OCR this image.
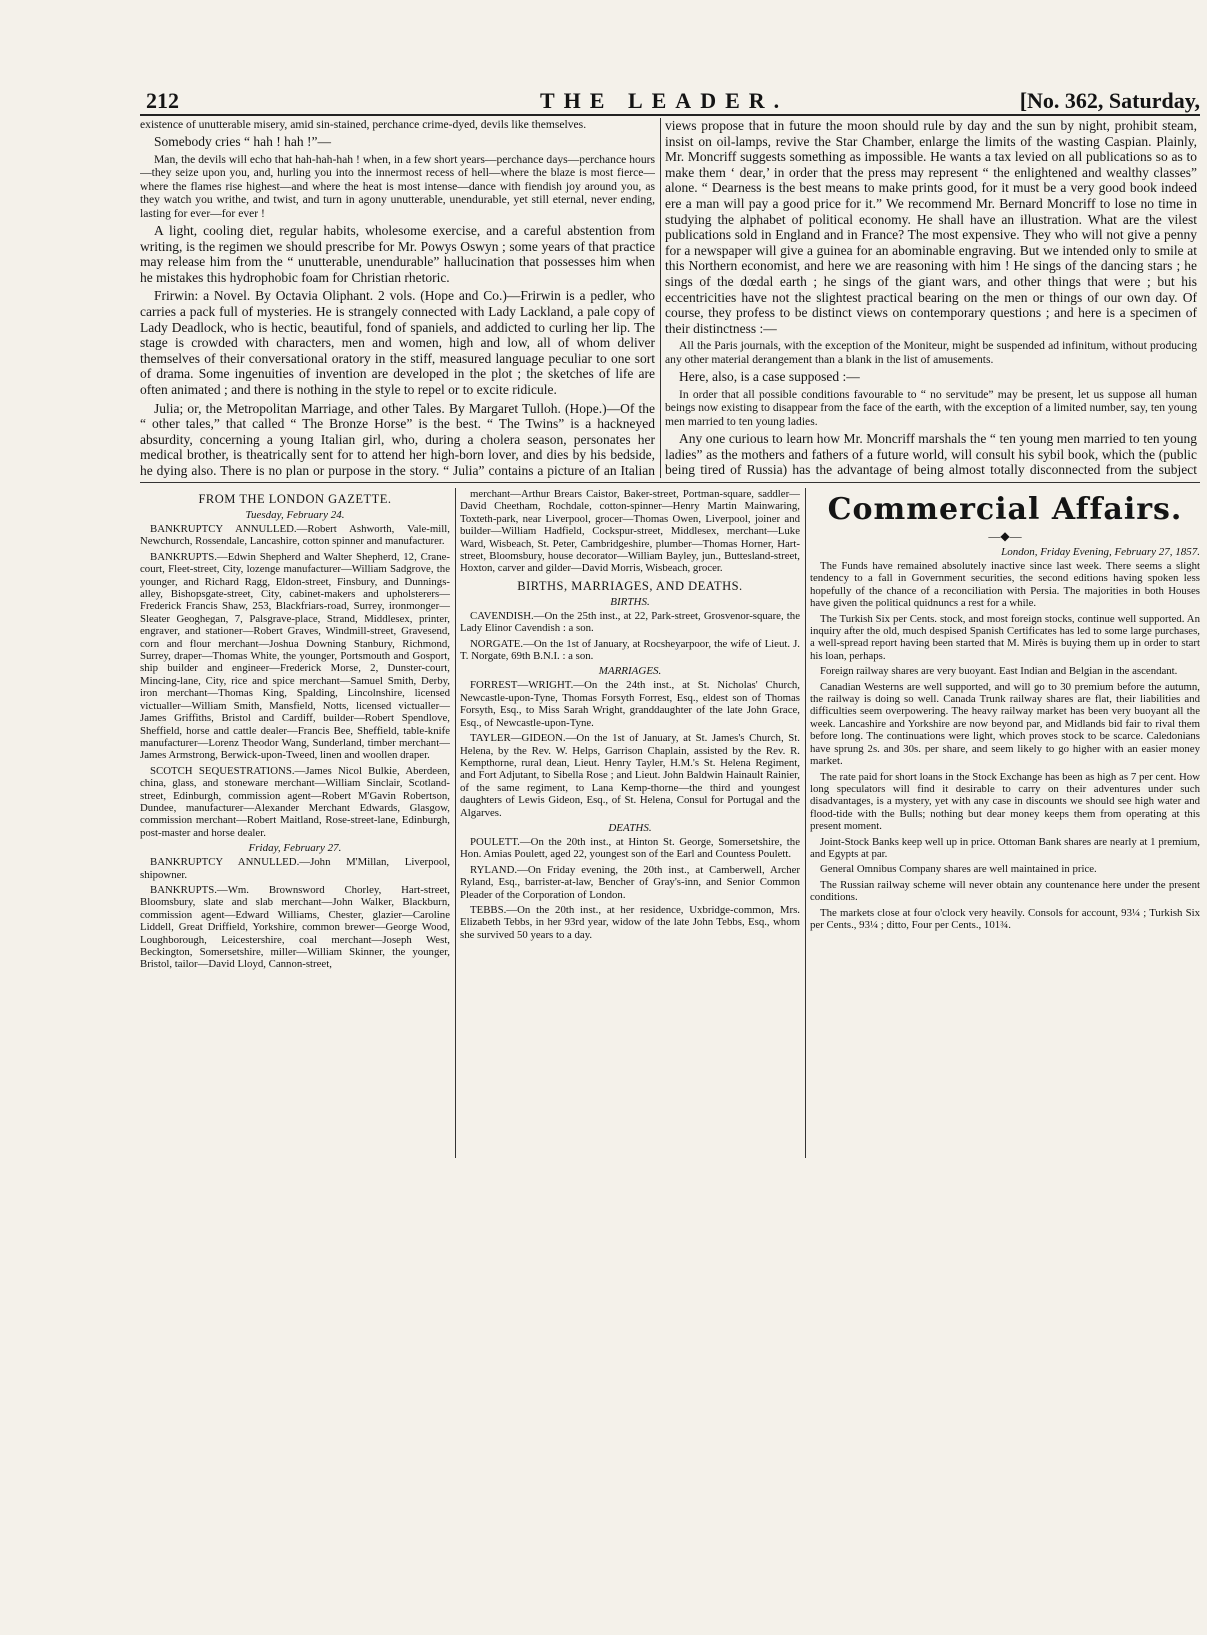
212	THE LEADER.	[No. 362, Saturday,

existence of unutterable misery, amid sin-stained, perchance crime-dyed, devils like themselves.

Somebody cries “ hah ! hah !”—

Man, the devils will echo that hah-hah-hah ! when, in a few short years—perchance days—perchance hours—they seize upon you, and, hurling you into the innermost recess of hell—where the blaze is most fierce—where the flames rise highest—and where the heat is most intense—dance with fiendish joy around you, as they watch you writhe, and twist, and turn in agony unutterable, unendurable, yet still eternal, never ending, lasting for ever—for ever !

A light, cooling diet, regular habits, wholesome exercise, and a careful abstention from writing, is the regimen we should prescribe for Mr. Powys Oswyn ; some years of that practice may release him from the “ unutterable, unendurable” hallucination that possesses him when he mistakes this hydrophobic foam for Christian rhetoric.

Frirwin: a Novel. By Octavia Oliphant. 2 vols. (Hope and Co.)—Frirwin is a pedler, who carries a pack full of mysteries. He is strangely connected with Lady Lackland, a pale copy of Lady Deadlock, who is hectic, beautiful, fond of spaniels, and addicted to curling her lip. The stage is crowded with characters, men and women, high and low, all of whom deliver themselves of their conversational oratory in the stiff, measured language peculiar to one sort of drama. Some ingenuities of invention are developed in the plot ; the sketches of life are often animated ; and there is nothing in the style to repel or to excite ridicule.

Julia; or, the Metropolitan Marriage, and other Tales. By Margaret Tulloh. (Hope.)—Of the “ other tales,” that called “ The Bronze Horse” is the best. “ The Twins” is a hackneyed absurdity, concerning a young Italian girl, who, during a cholera season, personates her medical brother, is theatrically sent for to attend her high-born lover, and dies by his bedside, he dying also. There is no plan or purpose in the story. “ Julia” contains a picture of an Italian

views propose that in future the moon should rule by day and the sun by night, prohibit steam, insist on oil-lamps, revive the Star Chamber, enlarge the limits of the wasting Caspian. Plainly, Mr. Moncriff suggests something as impossible. He wants a tax levied on all publications so as to make them ‘ dear,’ in order that the press may represent “ the enlightened and wealthy classes” alone. “ Dearness is the best means to make prints good, for it must be a very good book indeed ere a man will pay a good price for it.” We recommend Mr. Bernard Moncriff to lose no time in studying the alphabet of political economy. He shall have an illustration. What are the vilest publications sold in England and in France? The most expensive. They who will not give a penny for a newspaper will give a guinea for an abominable engraving. But we intended only to smile at this Northern economist, and here we are reasoning with him ! He sings of the dancing stars ; he sings of the dœdal earth ; he sings of the giant wars, and other things that were ; but his eccentricities have not the slightest practical bearing on the men or things of our own day. Of course, they profess to be distinct views on contemporary questions ; and here is a specimen of their distinctness :—

All the Paris journals, with the exception of the Moniteur, might be suspended ad infinitum, without producing any other material derangement than a blank in the list of amusements.

Here, also, is a case supposed :—

In order that all possible conditions favourable to “ no servitude” may be present, let us suppose all human beings now existing to disappear from the face of the earth, with the exception of a limited number, say, ten young men married to ten young ladies.

Any one curious to learn how Mr. Moncriff marshals the “ ten young men married to ten young ladies” as the mothers and fathers of a future world, will consult his sybil book, which the (public being tired of Russia) has the advantage of being almost totally disconnected from the subject

FROM THE LONDON GAZETTE.
Tuesday, February 24.

BANKRUPTCY ANNULLED.—Robert Ashworth, Vale-mill, Newchurch, Rossendale, Lancashire, cotton spinner and manufacturer.

BANKRUPTS.—Edwin Shepherd and Walter Shepherd, 12, Crane-court, Fleet-street, City, lozenge manufacturer—William Sadgrove, the younger, and Richard Ragg, Eldon-street, Finsbury, and Dunnings-alley, Bishopsgate-street, City, cabinet-makers and upholsterers—Frederick Francis Shaw, 253, Blackfriars-road, Surrey, ironmonger—Sleater Geoghegan, 7, Palsgrave-place, Strand, Middlesex, printer, engraver, and stationer—Robert Graves, Windmill-street, Gravesend, corn and flour merchant—Joshua Downing Stanbury, Richmond, Surrey, draper—Thomas White, the younger, Portsmouth and Gosport, ship builder and engineer—Frederick Morse, 2, Dunster-court, Mincing-lane, City, rice and spice merchant—Samuel Smith, Derby, iron merchant—Thomas King, Spalding, Lincolnshire, licensed victualler—William Smith, Mansfield, Notts, licensed victualler—James Griffiths, Bristol and Cardiff, builder—Robert Spendlove, Sheffield, horse and cattle dealer—Francis Bee, Sheffield, table-knife manufacturer—Lorenz Theodor Wang, Sunderland, timber merchant—James Armstrong, Berwick-upon-Tweed, linen and woollen draper.

SCOTCH SEQUESTRATIONS.—James Nicol Bulkie, Aberdeen, china, glass, and stoneware merchant—William Sinclair, Scotland-street, Edinburgh, commission agent—Robert M'Gavin Robertson, Dundee, manufacturer—Alexander Merchant Edwards, Glasgow, commission merchant—Robert Maitland, Rose-street-lane, Edinburgh, post-master and horse dealer.

Friday, February 27.

BANKRUPTCY ANNULLED.—John M'Millan, Liverpool, shipowner.

BANKRUPTS.—Wm. Brownsword Chorley, Hart-street, Bloomsbury, slate and slab merchant—John Walker, Blackburn, commission agent—Edward Williams, Chester, glazier—Caroline Liddell, Great Driffield, Yorkshire, common brewer—George Wood, Loughborough, Leicestershire, coal merchant—Joseph West, Beckington, Somersetshire, miller—William Skinner, the younger, Bristol, tailor—David Lloyd, Cannon-street,

merchant—Arthur Brears Caistor, Baker-street, Portman-square, saddler—David Cheetham, Rochdale, cotton-spinner—Henry Martin Mainwaring, Toxteth-park, near Liverpool, grocer—Thomas Owen, Liverpool, joiner and builder—William Hadfield, Cockspur-street, Middlesex, merchant—Luke Ward, Wisbeach, St. Peter, Cambridgeshire, plumber—Thomas Horner, Hart-street, Bloomsbury, house decorator—William Bayley, jun., Buttesland-street, Hoxton, carver and gilder—David Morris, Wisbeach, grocer.

BIRTHS, MARRIAGES, AND DEATHS.
BIRTHS.

CAVENDISH.—On the 25th inst., at 22, Park-street, Grosvenor-square, the Lady Elinor Cavendish : a son.

NORGATE.—On the 1st of January, at Rocsheyarpoor, the wife of Lieut. J. T. Norgate, 69th B.N.I. : a son.

MARRIAGES.

FORREST—WRIGHT.—On the 24th inst., at St. Nicholas' Church, Newcastle-upon-Tyne, Thomas Forsyth Forrest, Esq., eldest son of Thomas Forsyth, Esq., to Miss Sarah Wright, granddaughter of the late John Grace, Esq., of Newcastle-upon-Tyne.

TAYLER—GIDEON.—On the 1st of January, at St. James's Church, St. Helena, by the Rev. W. Helps, Garrison Chaplain, assisted by the Rev. R. Kempthorne, rural dean, Lieut. Henry Tayler, H.M.'s St. Helena Regiment, and Fort Adjutant, to Sibella Rose ; and Lieut. John Baldwin Hainault Rainier, of the same regiment, to Lana Kemp-thorne—the third and youngest daughters of Lewis Gideon, Esq., of St. Helena, Consul for Portugal and the Algarves.

DEATHS.

POULETT.—On the 20th inst., at Hinton St. George, Somersetshire, the Hon. Amias Poulett, aged 22, youngest son of the Earl and Countess Poulett.

RYLAND.—On Friday evening, the 20th inst., at Camberwell, Archer Ryland, Esq., barrister-at-law, Bencher of Gray's-inn, and Senior Common Pleader of the Corporation of London.

TEBBS.—On the 20th inst., at her residence, Uxbridge-common, Mrs. Elizabeth Tebbs, in her 93rd year, widow of the late John Tebbs, Esq., whom she survived 50 years to a day.

Commercial Affairs.
—◆—
London, Friday Evening, February 27, 1857.

The Funds have remained absolutely inactive since last week. There seems a slight tendency to a fall in Government securities, the second editions having spoken less hopefully of the chance of a reconciliation with Persia. The majorities in both Houses have given the political quidnuncs a rest for a while.

The Turkish Six per Cents. stock, and most foreign stocks, continue well supported. An inquiry after the old, much despised Spanish Certificates has led to some large purchases, a well-spread report having been started that M. Mirès is buying them up in order to start his loan, perhaps.

Foreign railway shares are very buoyant. East Indian and Belgian in the ascendant.

Canadian Westerns are well supported, and will go to 30 premium before the autumn, the railway is doing so well. Canada Trunk railway shares are flat, their liabilities and difficulties seem overpowering. The heavy railway market has been very buoyant all the week. Lancashire and Yorkshire are now beyond par, and Midlands bid fair to rival them before long. The continuations were light, which proves stock to be scarce. Caledonians have sprung 2s. and 30s. per share, and seem likely to go higher with an easier money market.

The rate paid for short loans in the Stock Exchange has been as high as 7 per cent. How long speculators will find it desirable to carry on their adventures under such disadvantages, is a mystery, yet with any case in discounts we should see high water and flood-tide with the Bulls; nothing but dear money keeps them from operating at this present moment.

Joint-Stock Banks keep well up in price. Ottoman Bank shares are nearly at 1 premium, and Egypts at par.

General Omnibus Company shares are well maintained in price.

The Russian railway scheme will never obtain any countenance here under the present conditions.

The markets close at four o'clock very heavily. Consols for account, 93¼ ; Turkish Six per Cents., 93¼ ; ditto, Four per Cents., 101¾.
